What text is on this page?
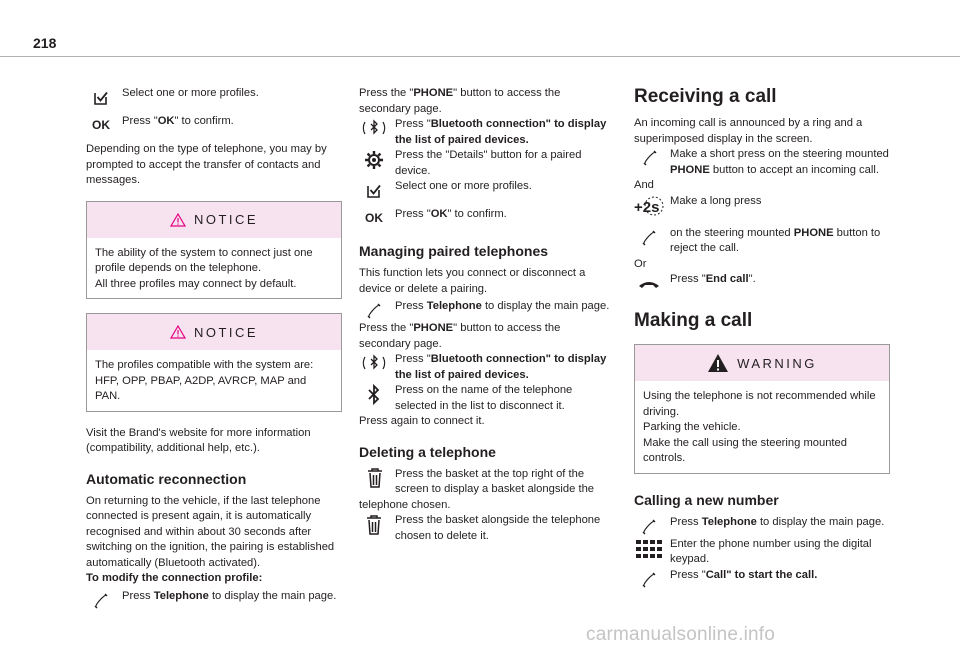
218
Select one or more profiles.
OK	Press "OK" to confirm.

Depending on the type of telephone, you may by prompted to accept the transfer of contacts and messages.

NOTICE
The ability of the system to connect just one profile depends on the telephone.
All three profiles may connect by default.
NOTICE
The profiles compatible with the system are: HFP, OPP, PBAP, A2DP, AVRCP, MAP and PAN.

Visit the Brand's website for more information (compatibility, additional help, etc.).

Automatic reconnection

On returning to the vehicle, if the last telephone connected is present again, it is automatically recognised and within about 30 seconds after switching on the ignition, the pairing is established automatically (Bluetooth activated).

To modify the connection profile:
Press Telephone to display the main page.

Press the "PHONE" button to access the secondary page.

Press "Bluetooth connection" to display the list of paired devices.
Press the "Details" button for a paired device.
Select one or more profiles.
OK	Press "OK" to confirm.
Managing paired telephones

This function lets you connect or disconnect a device or delete a pairing.

Press Telephone to display the main page.

Press the "PHONE" button to access the secondary page.

Press "Bluetooth connection" to display the list of paired devices.
Press on the name of the telephone selected in the list to disconnect it.

Press again to connect it.

Deleting a telephone
Press the basket at the top right of the screen to display a basket alongside the telephone chosen.
Press the basket alongside the telephone chosen to delete it.
Receiving a call

An incoming call is announced by a ring and a superimposed display in the screen.

Make a short press on the steering mounted PHONE button to accept an incoming call.
And
+2s Make a long press
on the steering mounted PHONE button to reject the call.
Or
Press "End call".
Making a call
WARNING
Using the telephone is not recommended while driving.
Parking the vehicle.
Make the call using the steering mounted controls.
Calling a new number
Press Telephone to display the main page.
Enter the phone number using the digital keypad.
Press "Call" to start the call.
carmanualsonline.info
